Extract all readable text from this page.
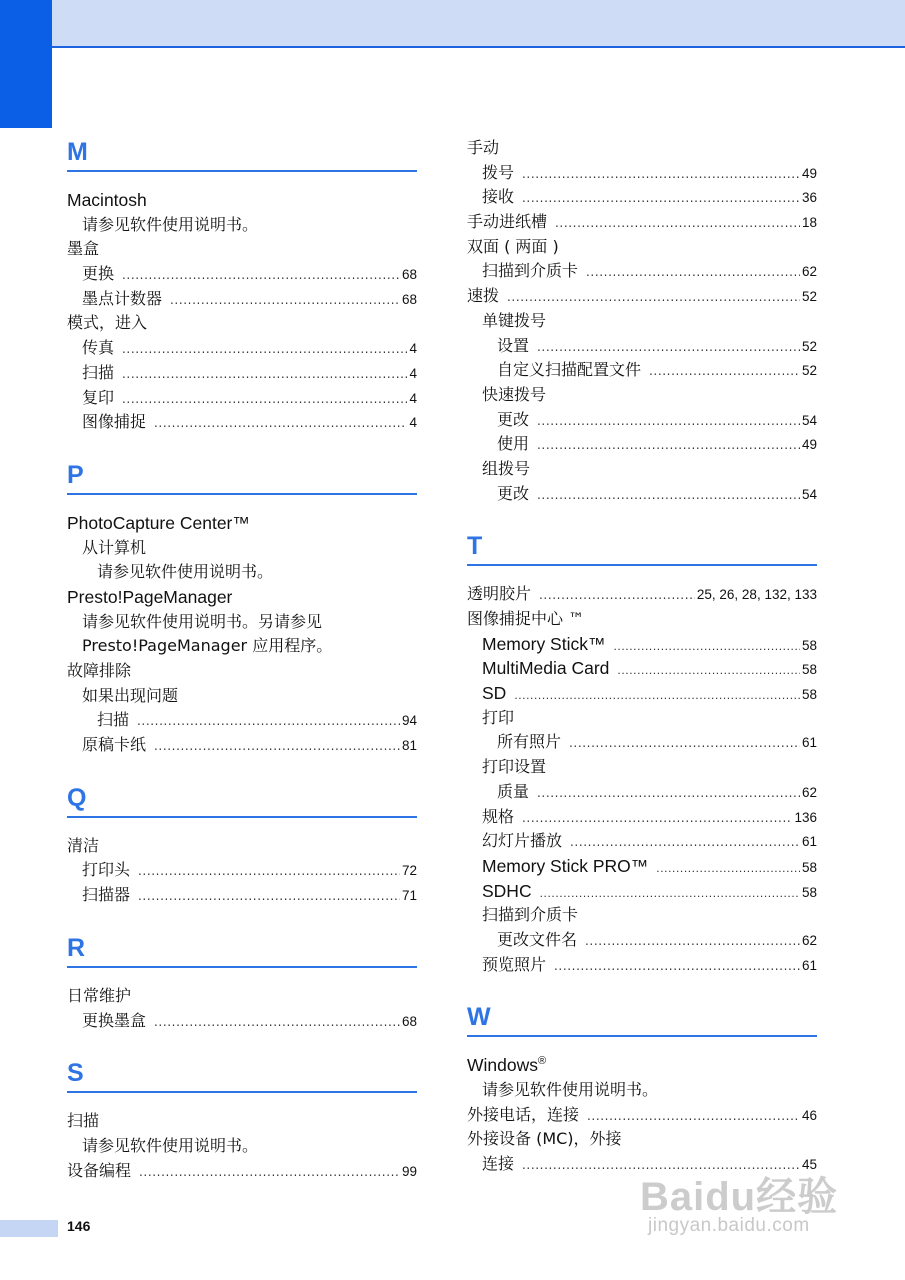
M
Macintosh
请参见软件使用说明书。
墨盒
更换 .....	68
墨点计数器 .....	68
模式，进入
传真 .....	4
扫描 .....	4
复印 .....	4
图像捕捉 .....	4
P
PhotoCapture Center™
从计算机
请参见软件使用说明书。
Presto!PageManager
请参见软件使用说明书。另请参见
Presto!PageManager 应用程序。
故障排除
如果出现问题
扫描 .....	94
原稿卡纸 .....	81
Q
清洁
打印头 .....	72
扫描器 .....	71
R
日常维护
更换墨盒 .....	68
S
扫描
请参见软件使用说明书。
设备编程 .....	99
手动
拨号 .....	49
接收 .....	36
手动进纸槽 .....	18
双面 ( 两面 )
扫描到介质卡 .....	62
速拨 .....	52
单键拨号
设置 .....	52
自定义扫描配置文件 .....	52
快速拨号
更改 .....	54
使用 .....	49
组拨号
更改 .....	54
T
透明胶片 .....	25, 26, 28, 132, 133
图像捕捉中心 ™
Memory Stick™ .....	58
MultiMedia Card .....	58
SD .....	58
打印
所有照片 .....	61
打印设置
质量 .....	62
规格 .....	136
幻灯片播放 .....	61
Memory Stick PRO™ .....	58
SDHC .....	58
扫描到介质卡
更改文件名 .....	62
预览照片 .....	61
W
Windows®
请参见软件使用说明书。
外接电话，连接 .....	46
外接设备 (MC)，外接
连接 .....	45
146
Baidu经验
jingyan.baidu.com
